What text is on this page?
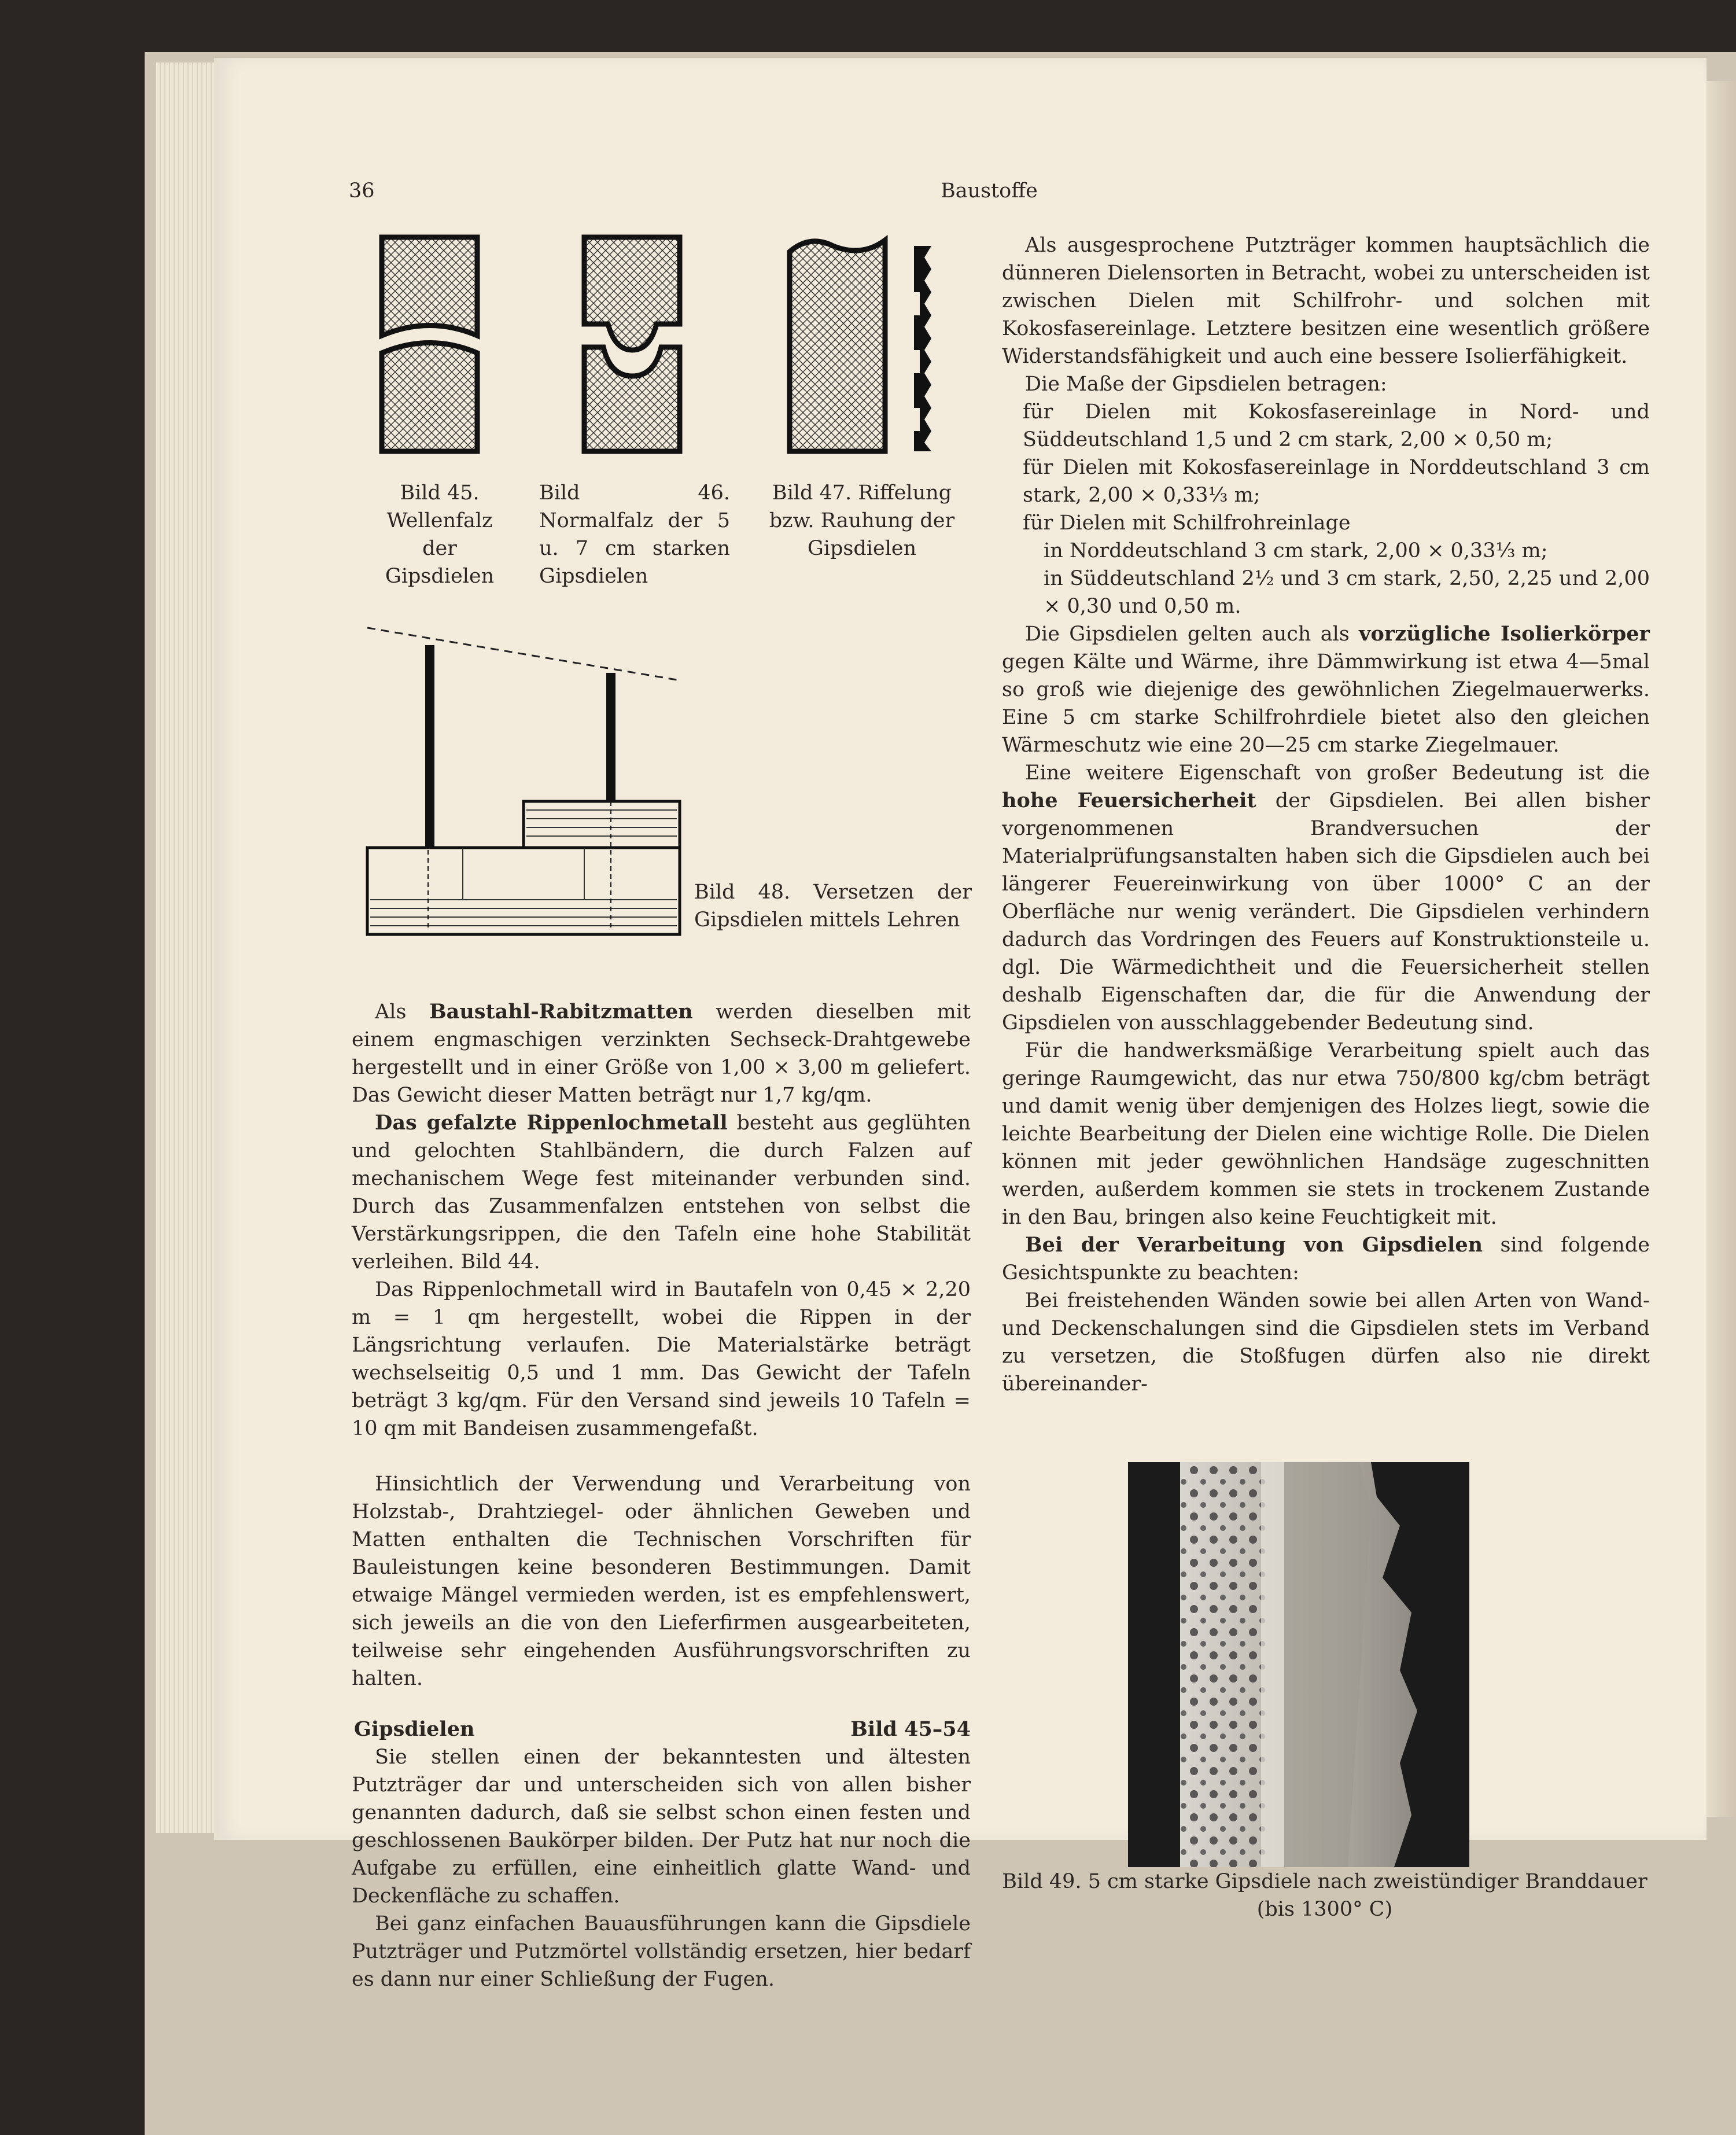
36	Baustoffe
Bild 45. Wellenfalz der Gipsdielen
Bild 46. Normalfalz der 5 u. 7 cm starken Gipsdielen
Bild 47. Riffelung bzw. Rauhung der Gipsdielen
Bild 48. Versetzen der Gipsdielen mittels Lehren

Als Baustahl-Rabitzmatten werden dieselben mit einem engmaschigen verzinkten Sechseck-Drahtgewebe hergestellt und in einer Größe von 1,00 × 3,00 m geliefert. Das Gewicht dieser Matten beträgt nur 1,7 kg/qm.

Das gefalzte Rippenlochmetall besteht aus geglühten und gelochten Stahlbändern, die durch Falzen auf mechanischem Wege fest miteinander verbunden sind. Durch das Zusammenfalzen entstehen von selbst die Verstärkungsrippen, die den Tafeln eine hohe Stabilität verleihen. Bild 44.

Das Rippenlochmetall wird in Bautafeln von 0,45 × 2,20 m = 1 qm hergestellt, wobei die Rippen in der Längsrichtung verlaufen. Die Materialstärke beträgt wechselseitig 0,5 und 1 mm. Das Gewicht der Tafeln beträgt 3 kg/qm. Für den Versand sind jeweils 10 Tafeln = 10 qm mit Bandeisen zusammengefaßt.

Hinsichtlich der Verwendung und Verarbeitung von Holzstab-, Drahtziegel- oder ähnlichen Geweben und Matten enthalten die Technischen Vorschriften für Bauleistungen keine besonderen Bestimmungen. Damit etwaige Mängel vermieden werden, ist es empfehlenswert, sich jeweils an die von den Lieferfirmen ausgearbeiteten, teilweise sehr eingehenden Ausführungsvorschriften zu halten.

Gipsdielen	Bild 45–54

Sie stellen einen der bekanntesten und ältesten Putzträger dar und unterscheiden sich von allen bisher genannten dadurch, daß sie selbst schon einen festen und geschlossenen Baukörper bilden. Der Putz hat nur noch die Aufgabe zu erfüllen, eine einheitlich glatte Wand- und Deckenfläche zu schaffen.

Bei ganz einfachen Bauausführungen kann die Gipsdiele Putzträger und Putzmörtel vollständig ersetzen, hier bedarf es dann nur einer Schließung der Fugen.

Als ausgesprochene Putzträger kommen hauptsächlich die dünneren Dielensorten in Betracht, wobei zu unterscheiden ist zwischen Dielen mit Schilfrohr- und solchen mit Kokosfasereinlage. Letztere besitzen eine wesentlich größere Widerstandsfähigkeit und auch eine bessere Isolierfähigkeit.

Die Maße der Gipsdielen betragen:

für Dielen mit Kokosfasereinlage in Nord- und Süddeutschland 1,5 und 2 cm stark, 2,00 × 0,50 m;

für Dielen mit Kokosfasereinlage in Norddeutschland 3 cm stark, 2,00 × 0,33⅓ m;

für Dielen mit Schilfrohreinlage

in Norddeutschland 3 cm stark, 2,00 × 0,33⅓ m;

in Süddeutschland 2½ und 3 cm stark, 2,50, 2,25 und 2,00 × 0,30 und 0,50 m.

Die Gipsdielen gelten auch als vorzügliche Isolierkörper gegen Kälte und Wärme, ihre Dämmwirkung ist etwa 4—5mal so groß wie diejenige des gewöhnlichen Ziegelmauerwerks. Eine 5 cm starke Schilfrohrdiele bietet also den gleichen Wärmeschutz wie eine 20—25 cm starke Ziegelmauer.

Eine weitere Eigenschaft von großer Bedeutung ist die hohe Feuersicherheit der Gipsdielen. Bei allen bisher vorgenommenen Brandversuchen der Materialprüfungsanstalten haben sich die Gipsdielen auch bei längerer Feuereinwirkung von über 1000° C an der Oberfläche nur wenig verändert. Die Gipsdielen verhindern dadurch das Vordringen des Feuers auf Konstruktionsteile u. dgl. Die Wärmedichtheit und die Feuersicherheit stellen deshalb Eigenschaften dar, die für die Anwendung der Gipsdielen von ausschlaggebender Bedeutung sind.

Für die handwerksmäßige Verarbeitung spielt auch das geringe Raumgewicht, das nur etwa 750/800 kg/cbm beträgt und damit wenig über demjenigen des Holzes liegt, sowie die leichte Bearbeitung der Dielen eine wichtige Rolle. Die Dielen können mit jeder gewöhnlichen Handsäge zugeschnitten werden, außerdem kommen sie stets in trockenem Zustande in den Bau, bringen also keine Feuchtigkeit mit.

Bei der Verarbeitung von Gipsdielen sind folgende Gesichtspunkte zu beachten:

Bei freistehenden Wänden sowie bei allen Arten von Wand- und Deckenschalungen sind die Gipsdielen stets im Verband zu versetzen, die Stoßfugen dürfen also nie direkt übereinander-

Bild 49. 5 cm starke Gipsdiele nach zweistündiger Branddauer (bis 1300° C)
